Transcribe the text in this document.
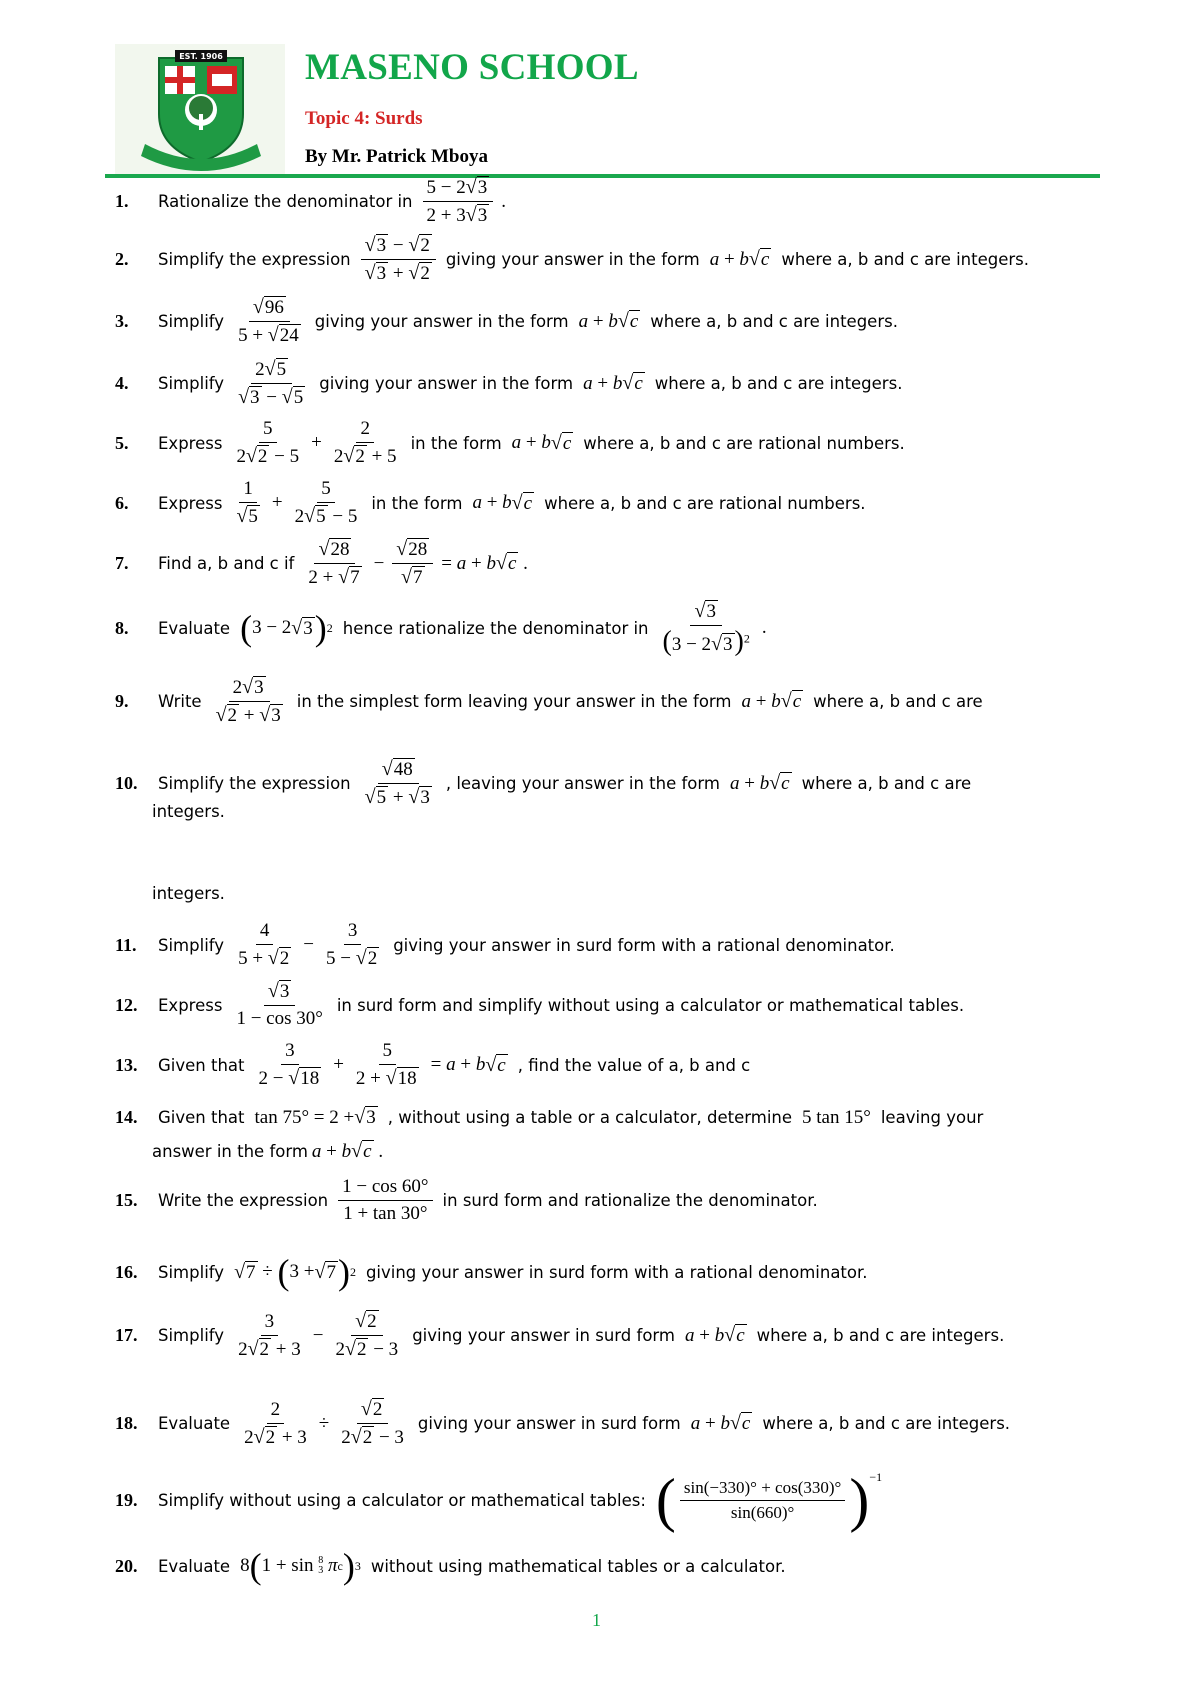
EST. 1906 MASENO SCHOOL
Topic 4: Surds
By Mr. Patrick Mboya
1.	Rationalize the denominator in $\frac{5 - 2√3}{2 + 3√3}$ .
2.	Simplify the expression $\frac{√3 - √2}{√3 + √2}$ giving your answer in the form a + b √ c where a, b and c are integers.
3.	Simplify $\frac{√96}{5 + √24}$ giving your answer in the form a + b √ c where a, b and c are integers.
4.	Simplify $\frac{2√5}{√3 - √5}$ giving your answer in the form a + b √ c where a, b and c are integers.
5.	Express $\frac{5}{2√2 - 5} + \frac{2}{2√2 + 5}$ in the form a + b √ c where a, b and c are rational numbers.
6.	Express $\frac{1}{√5} + \frac{5}{2√5 - 5}$ in the form a + b √ c where a, b and c are rational numbers.
7.	Find a, b and c if $\frac{√28}{2 + √7} - \frac{√28}{√7} = a + b$ √ c .
8.	Evaluate ( 3 − 2 √ 3 ) 2 hence rationalize the denominator in $\frac{√3}{(3 - 2√3)^2}$ .
9.	Write $\frac{2√3}{√2 + √3}$ in the simplest form leaving your answer in the form a + b √ c where a, b and c are
integers.
10.	Simplify the expression $\frac{√48}{√5 + √3}$ , leaving your answer in the form a + b √ c where a, b and c are
integers.
11.	Simplify $\frac{4}{5 + √2} - \frac{3}{5 - √2}$ giving your answer in surd form with a rational denominator.
12.	Express $\frac{√3}{1 - \cos 30^\circ}$ in surd form and simplify without using a calculator or mathematical tables.
13.	Given that $\frac{3}{2 - √18} + \frac{5}{2 + √18} = a + b$ √ c , find the value of a, b and c
14.	Given that tan 75° = 2 + √ 3 , without using a table or a calculator, determine 5 tan 15° leaving your
answer in the form a + b √ c .
15.	Write the expression $\frac{1 - \cos 60^\circ}{1 + \tan 30^\circ}$ in surd form and rationalize the denominator.
16.	Simplify √ 7 ÷ ( 3 + √ 7 ) 2 giving your answer in surd form with a rational denominator.
17.	Simplify $\frac{3}{2√2 + 3} - \frac{√2}{2√2 - 3}$ giving your answer in surd form a + b √ c where a, b and c are integers.
18.	Evaluate $\frac{2}{2√2 + 3} \div \frac{√2}{2√2 - 3}$ giving your answer in surd form a + b √ c where a, b and c are integers.
19.	Simplify without using a calculator or mathematical tables: ( $\frac{\sin(-330)^\circ + \cos(330)^\circ}{\sin(660)^\circ} )^{-1}$
20.	Evaluate 8 ( 1 + sin 8
3 π c ) 3 without using mathematical tables or a calculator.
1
